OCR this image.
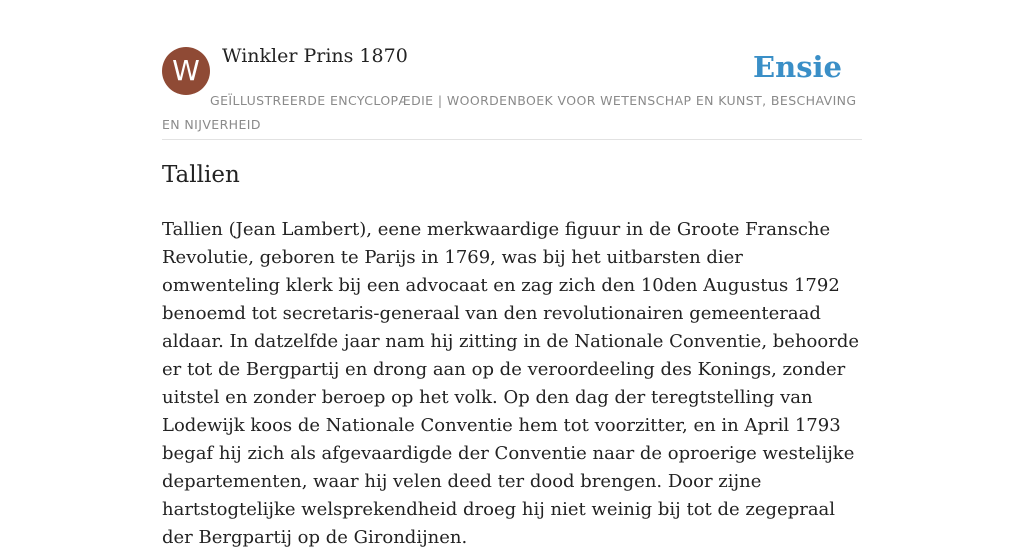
W	Winkler Prins 1870	Ensie
GEÏLLUSTREERDE ENCYCLOPÆDIE | WOORDENBOEK VOOR WETENSCHAP EN KUNST, BESCHAVING EN NIJVERHEID
Tallien

Tallien (Jean Lambert), eene merkwaardige figuur in de Groote Fransche Revolutie, geboren te Parijs in 1769, was bij het uitbarsten dier omwenteling klerk bij een advocaat en zag zich den 10den Augustus 1792 benoemd tot secretaris-generaal van den revolutionairen gemeenteraad aldaar. In datzelfde jaar nam hij zitting in de Nationale Conventie, behoorde er tot de Bergpartij en drong aan op de veroordeeling des Konings, zonder uitstel en zonder beroep op het volk. Op den dag der teregtstelling van Lodewijk koos de Nationale Conventie hem tot voorzitter, en in April 1793 begaf hij zich als afgevaardigde der Conventie naar de oproerige westelijke departementen, waar hij velen deed ter dood brengen. Door zijne hartstogtelijke welsprekendheid droeg hij niet weinig bij tot de zegepraal der Bergpartij op de Girondijnen.
